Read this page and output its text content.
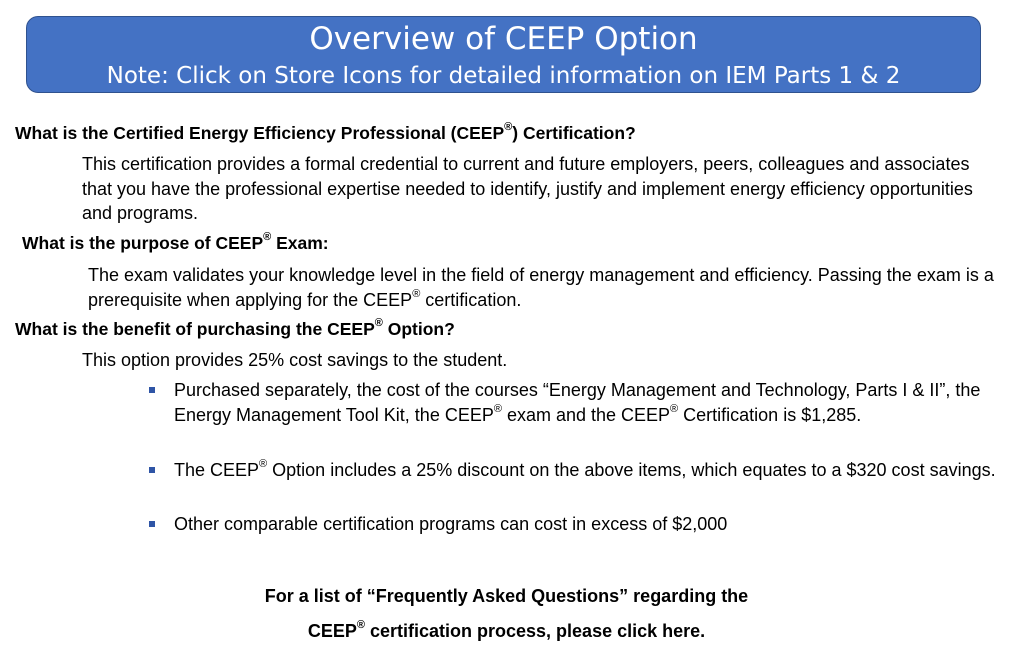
Overview of CEEP Option
Note: Click on Store Icons for detailed information on IEM Parts 1 & 2
What is the Certified Energy Efficiency Professional (CEEP®) Certification?
This certification provides a formal credential to current and future employers, peers, colleagues and associates that you have the professional expertise needed to identify, justify and implement energy efficiency opportunities and programs.
What is the purpose of CEEP® Exam:
The exam validates your knowledge level in the field of energy management and efficiency. Passing the exam is a prerequisite when applying for the CEEP® certification.
What is the benefit of purchasing the CEEP® Option?
This option provides 25% cost savings to the student.
Purchased separately, the cost of the courses “Energy Management and Technology, Parts I & II”, the Energy Management Tool Kit, the CEEP® exam and the CEEP® Certification is $1,285.
The CEEP® Option includes a 25% discount on the above items, which equates to a $320 cost savings.
Other comparable certification programs can cost in excess of $2,000
For a list of “Frequently Asked Questions” regarding the
CEEP® certification process, please click here.
